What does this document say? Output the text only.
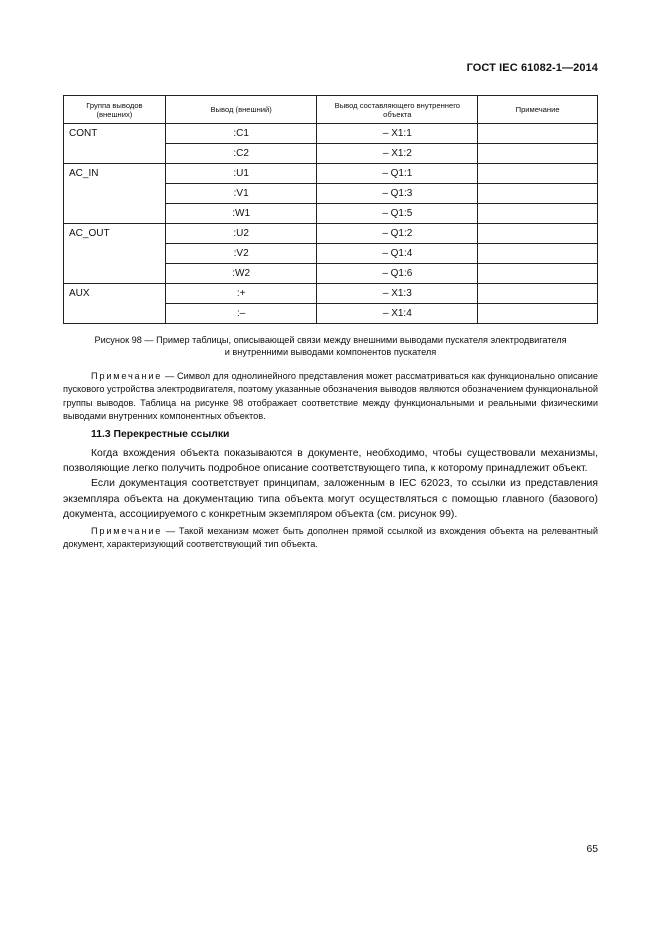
ГОСТ IEC 61082-1—2014
Группа выводов (внешних)	Вывод (внешний)	Вывод составляющего внутреннего объекта	Примечание
CONT	:C1	– X1:1	
	:C2	– X1:2	
AC_IN	:U1	– Q1:1	
	:V1	– Q1:3	
	:W1	– Q1:5	
AC_OUT	:U2	– Q1:2	
	:V2	– Q1:4	
	:W2	– Q1:6	
AUX	:+	– X1:3	
	:–	– X1:4	
Рисунок 98 — Пример таблицы, описывающей связи между внешними выводами пускателя электродвигателя
и внутренними выводами компонентов пускателя

Примечание — Символ для однолинейного представления может рассматриваться как функционально описание пускового устройства электродвигателя, поэтому указанные обозначения выводов являются обозначением функциональной группы выводов. Таблица на рисунке 98 отображает соответствие между функциональными и реальными физическими выводами внутренних компонентных объектов.

11.3 Перекрестные ссылки

Когда вхождения объекта показываются в документе, необходимо, чтобы существовали механизмы, позволяющие легко получить подробное описание соответствующего типа, к которому принадлежит объект.

Если документация соответствует принципам, заложенным в IEC 62023, то ссылки из представления экземпляра объекта на документацию типа объекта могут осуществляться с помощью главного (базового) документа, ассоциируемого с конкретным экземпляром объекта (см. рисунок 99).

Примечание — Такой механизм может быть дополнен прямой ссылкой из вхождения объекта на релевантный документ, характеризующий соответствующий тип объекта.

65
